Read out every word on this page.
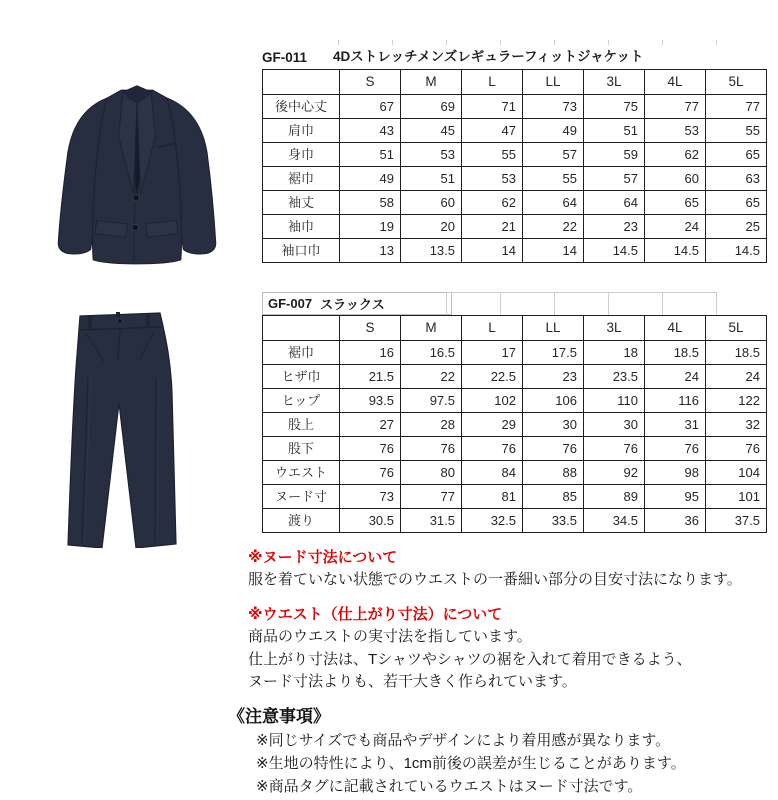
GF-011 4Dストレッチメンズレギュラーフィットジャケット
	S	M	L	LL	3L	4L	5L
後中心丈	67	69	71	73	75	77	77
肩巾	43	45	47	49	51	53	55
身巾	51	53	55	57	59	62	65
裾巾	49	51	53	55	57	60	63
袖丈	58	60	62	64	64	65	65
袖巾	19	20	21	22	23	24	25
袖口巾	13	13.5	14	14	14.5	14.5	14.5
GF-007 スラックス
	S	M	L	LL	3L	4L	5L
裾巾	16	16.5	17	17.5	18	18.5	18.5
ヒザ巾	21.5	22	22.5	23	23.5	24	24
ヒップ	93.5	97.5	102	106	110	116	122
股上	27	28	29	30	30	31	32
股下	76	76	76	76	76	76	76
ウエスト	76	80	84	88	92	98	104
ヌード寸	73	77	81	85	89	95	101
渡り	30.5	31.5	32.5	33.5	34.5	36	37.5
※ヌード寸法について
服を着ていない状態でのウエストの一番細い部分の目安寸法になります。
※ウエスト（仕上がり寸法）について
商品のウエストの実寸法を指しています。
仕上がり寸法は、Tシャツやシャツの裾を入れて着用できるよう、
ヌード寸法よりも、若干大きく作られています。
《注意事項》
※同じサイズでも商品やデザインにより着用感が異なります。
※生地の特性により、1cm前後の誤差が生じることがあります。
※商品タグに記載されているウエストはヌード寸法です。
